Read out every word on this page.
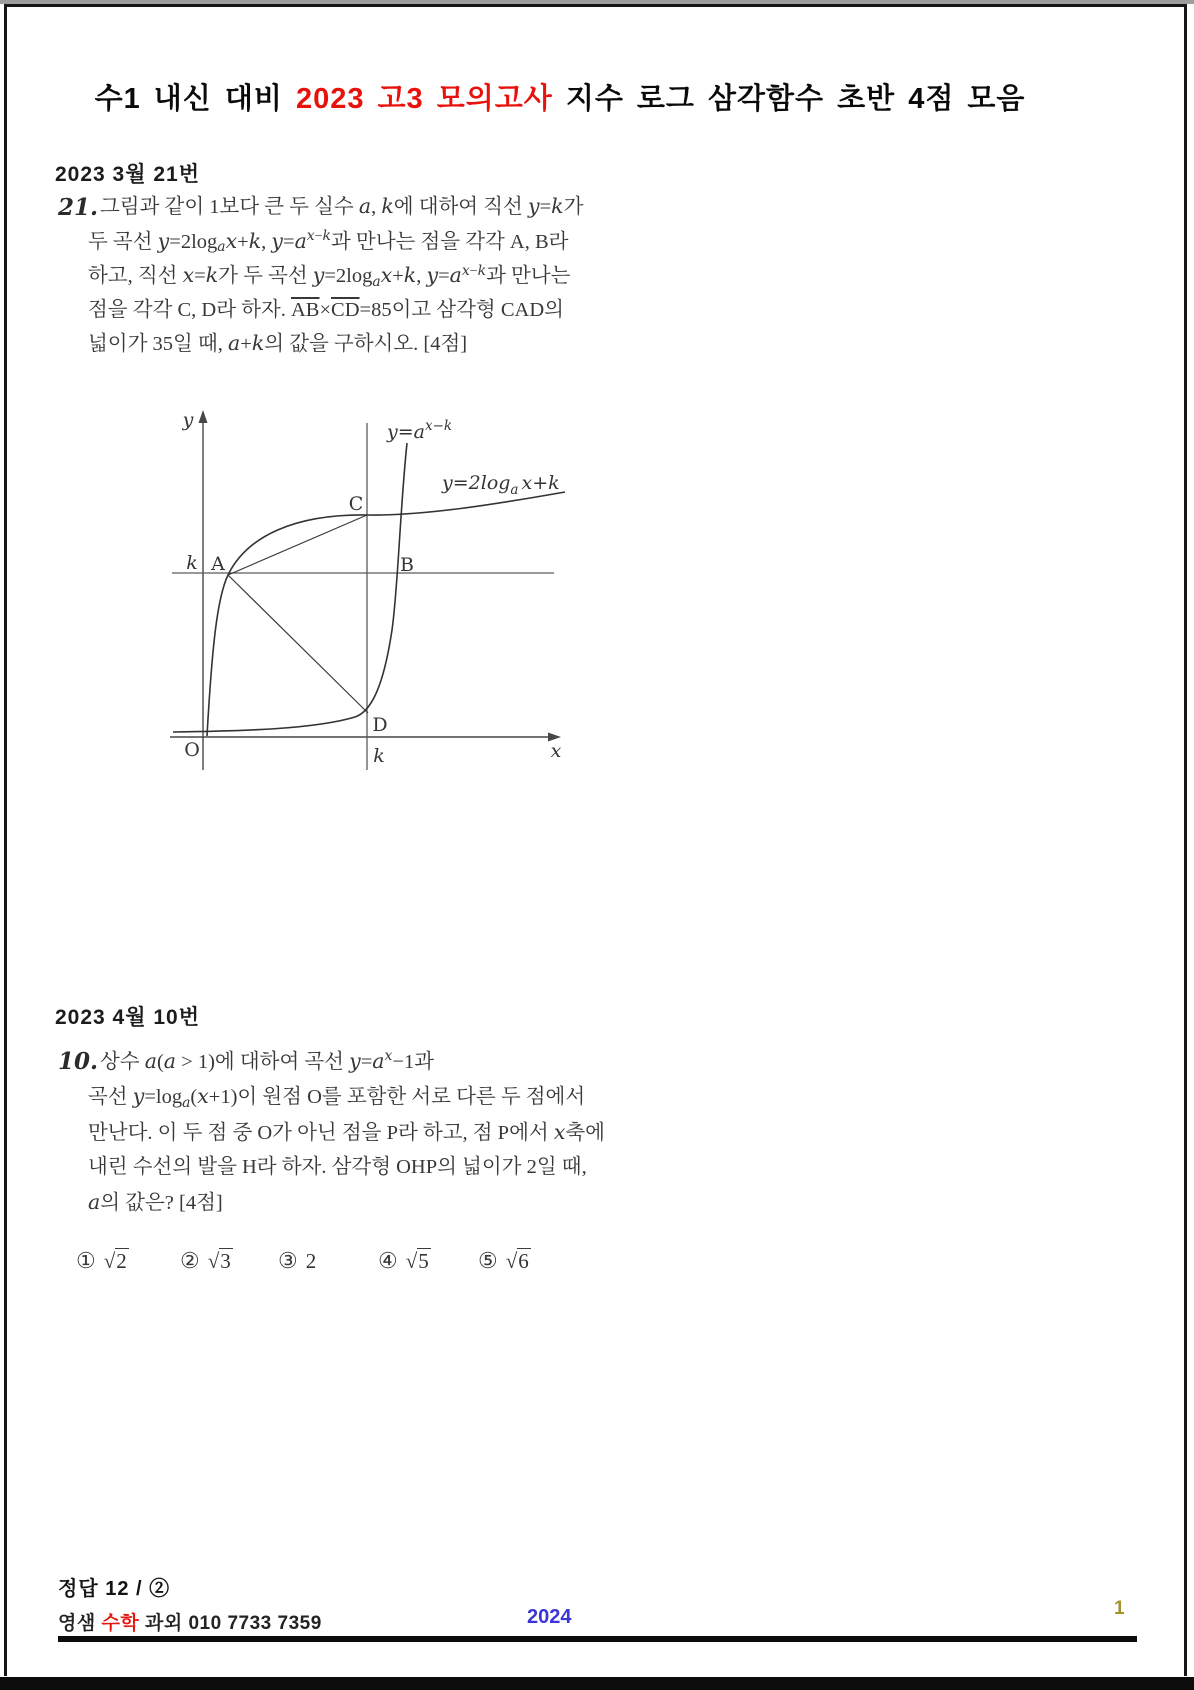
수1 내신 대비 2023 고3 모의고사 지수 로그 삼각함수 초반 4점 모음
2023 3월 21번
21. 그림과 같이 1보다 큰 두 실수 a, k에 대하여 직선 y=k가
두 곡선 $y=2\log_ax+k$, $y=a^{x-k}$과 만나는 점을 각각 A, B라
하고, 직선 x=k가 두 곡선 $y=2\log_ax+k$, $y=a^{x-k}$과 만나는
점을 각각 C, D라 하자. $\overline{AB}\times\overline{CD}=85$이고 삼각형 CAD의
넓이가 35일 때, a+k의 값을 구하시오. [4점]
y
x
O
k
k
A	B
C
D
$y=a^{x-k}$
$y=2\log_a$ x+k
2023 4월 10번
10. 상수 a(a > 1)에 대하여 곡선 $y=a^x-1$과
곡선 $y=\log_a(x+1)$이 원점 O를 포함한 서로 다른 두 점에서
만난다. 이 두 점 중 O가 아닌 점을 P라 하고, 점 P에서 x축에
내린 수선의 발을 H라 하자. 삼각형 OHP의 넓이가 2일 때,
a의 값은? [4점]
① √2 ② √3 ③ 2	④ √5 ⑤ √6
정답 12 / ②
영샘 수학 과외 010 7733 7359	2024	1
